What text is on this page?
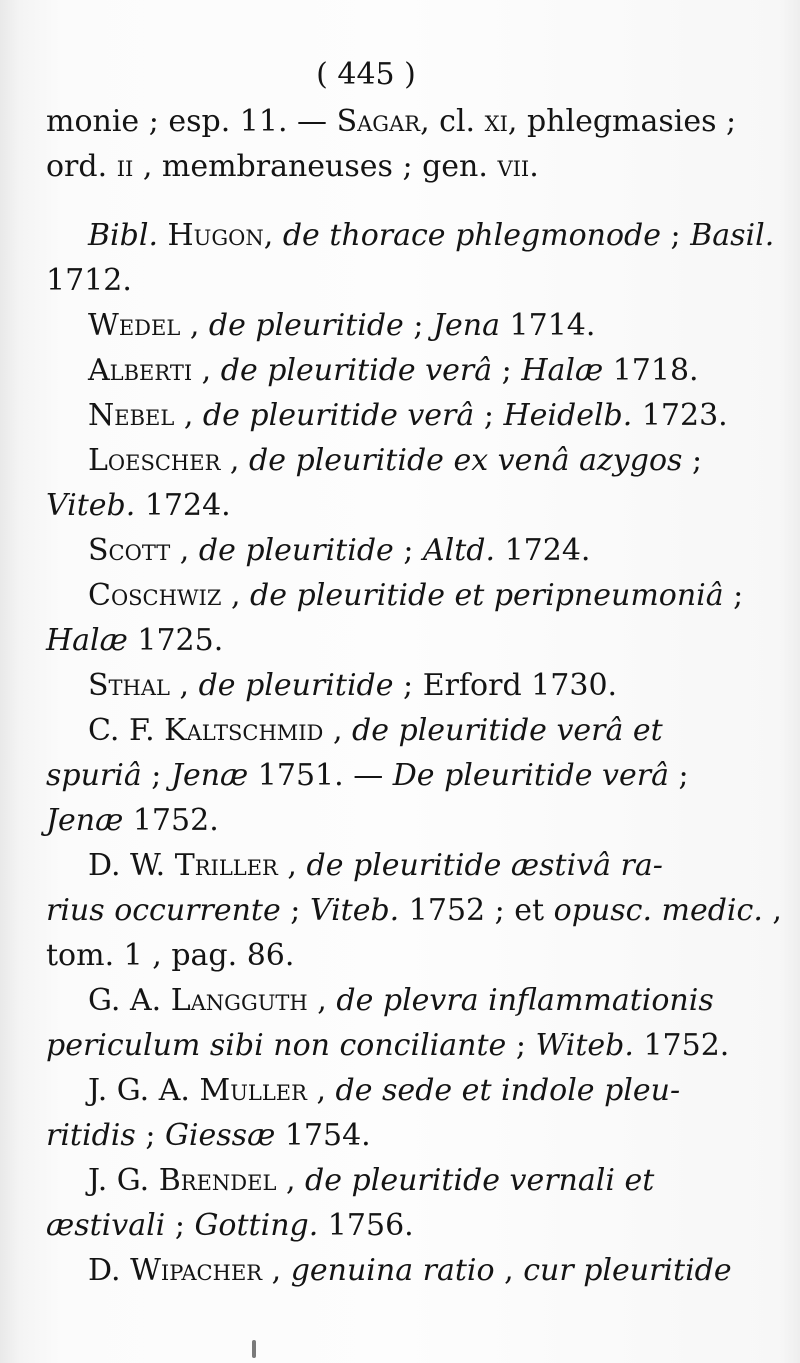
( 445 )
monie ; esp. 11. — Sagar, cl. xi, phlegmasies ;
ord. ii , membraneuses ; gen. vii.
Bibl. Hugon, de thorace phlegmonode ; Basil.
1712.
Wedel , de pleuritide ; Jena 1714.
Alberti , de pleuritide verâ ; Halæ 1718.
Nebel , de pleuritide verâ ; Heidelb. 1723.
Loescher , de pleuritide ex venâ azygos ;
Viteb. 1724.
Scott , de pleuritide ; Altd. 1724.
Coschwiz , de pleuritide et peripneumoniâ ;
Halæ 1725.
Sthal , de pleuritide ; Erford 1730.
C. F. Kaltschmid , de pleuritide verâ et
spuriâ ; Jenæ 1751. — De pleuritide verâ ;
Jenæ 1752.
D. W. Triller , de pleuritide æstivâ ra-
rius occurrente ; Viteb. 1752 ; et opusc. medic. ,
tom. 1 , pag. 86.
G. A. Langguth , de plevra inflammationis
periculum sibi non conciliante ; Witeb. 1752.
J. G. A. Muller , de sede et indole pleu-
ritidis ; Giessæ 1754.
J. G. Brendel , de pleuritide vernali et
æstivali ; Gotting. 1756.
D. Wipacher , genuina ratio , cur pleuritide
